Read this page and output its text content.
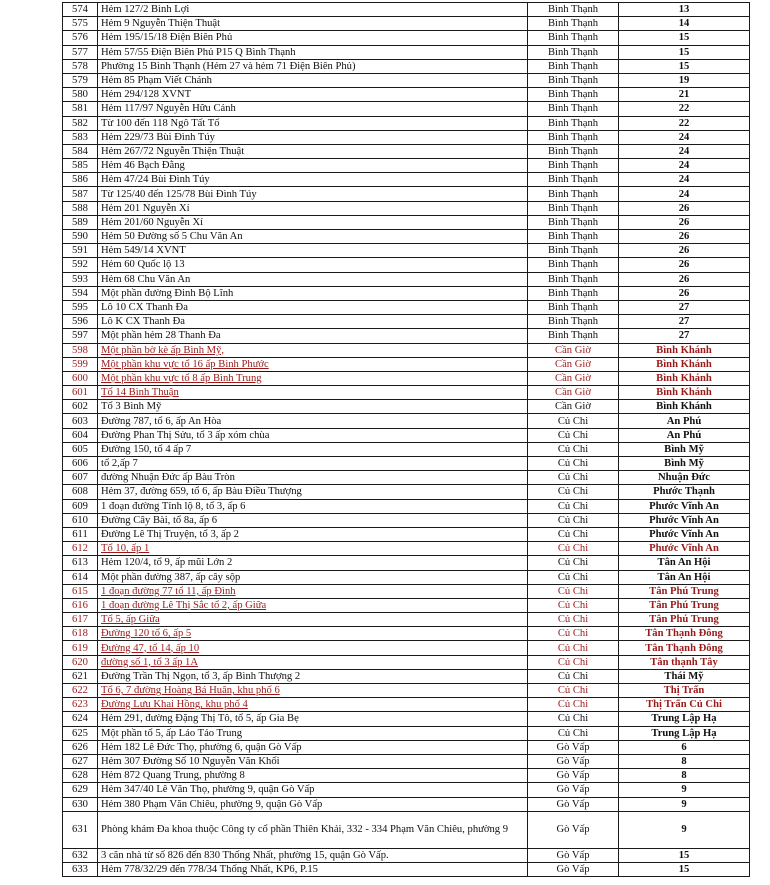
574	Hẻm 127/2 Bình Lợi	Bình Thạnh	13
575	Hẻm 9 Nguyễn Thiện Thuật	Bình Thạnh	14
576	Hẻm 195/15/18 Điện Biên Phủ	Bình Thạnh	15
577	Hẻm 57/55 Điện Biên Phủ P15 Q Bình Thạnh	Bình Thạnh	15
578	Phường 15 Bình Thạnh (Hẻm 27 và hẻm 71 Điện Biên Phủ)	Bình Thạnh	15
579	Hẻm 85 Phạm Viết Chánh	Bình Thạnh	19
580	Hẻm 294/128 XVNT	Bình Thạnh	21
581	Hẻm 117/97 Nguyễn Hữu Cảnh	Bình Thạnh	22
582	Từ 100 đến 118 Ngô Tất Tố	Bình Thạnh	22
583	Hẻm 229/73 Bùi Đình Túy	Bình Thạnh	24
584	Hẻm 267/72 Nguyễn Thiện Thuật	Bình Thạnh	24
585	Hẻm 46 Bạch Đằng	Bình Thạnh	24
586	Hẻm 47/24 Bùi Đình Túy	Bình Thạnh	24
587	Từ 125/40 đến 125/78 Bùi Đình Túy	Bình Thạnh	24
588	Hẻm 201 Nguyễn Xí	Bình Thạnh	26
589	Hẻm 201/60 Nguyễn Xí	Bình Thạnh	26
590	Hẻm 50 Đường số 5 Chu Văn An	Bình Thạnh	26
591	Hẻm 549/14 XVNT	Bình Thạnh	26
592	Hẻm 60 Quốc lộ 13	Bình Thạnh	26
593	Hẻm 68 Chu Văn An	Bình Thạnh	26
594	Một phần đường Đinh Bộ Lĩnh	Bình Thạnh	26
595	Lô 10 CX Thanh Đa	Bình Thạnh	27
596	Lô K CX Thanh Đa	Bình Thạnh	27
597	Một phần hẻm 28 Thanh Đa	Bình Thạnh	27
598	Một phần bờ kè ấp Bình Mỹ,	Cần Giờ	Bình Khánh
599	Một phần khu vực tổ 16 ấp Bình Phước	Cần Giờ	Bình Khánh
600	Một phần khu vực tổ 8 ấp Bình Trung	Cần Giờ	Bình Khánh
601	Tổ 14 Bình Thuận	Cần Giờ	Bình Khánh
602	Tổ 3 Bình Mỹ	Cần Giờ	Bình Khánh
603	Đường 787, tổ 6, ấp An Hòa	Củ Chi	An Phú
604	Đường Phan Thị Sửu, tổ 3 ấp xóm chùa	Củ Chi	An Phú
605	Đường 150, tổ 4 ấp 7	Củ Chi	Bình Mỹ
606	tổ 2,ấp 7	Củ Chi	Bình Mỹ
607	đường Nhuận Đức ấp Bàu Tròn	Củ Chi	Nhuận Đức
608	Hẻm 37, đường 659, tổ 6, ấp Bàu Điều Thượng	Củ Chi	Phước Thạnh
609	1 đoạn đường Tỉnh lộ 8, tổ 3, ấp 6	Củ Chi	Phước Vĩnh An
610	Đường Cây Bài, tổ 8a, ấp 6	Củ Chi	Phước Vĩnh An
611	Đường Lê Thị Truyện, tổ 3, ấp 2	Củ Chi	Phước Vĩnh An
612	Tổ 10, ấp 1	Củ Chi	Phước Vĩnh An
613	Hẻm 120/4, tổ 9, ấp mũi Lớn 2	Củ Chi	Tân An Hội
614	Một phần đường 387, ấp cây sộp	Củ Chi	Tân An Hội
615	1 đoạn đường 77 tổ 11, ấp Đình	Củ Chi	Tân Phú Trung
616	1 đoạn đường Lê Thị Sắc tổ 2, ấp Giữa	Củ Chi	Tân Phú Trung
617	Tổ 5, ấp Giữa	Củ Chi	Tân Phú Trung
618	Đường 120 tổ 6, ấp 5	Củ Chi	Tân Thạnh Đông
619	Đường 47, tổ 14, ấp 10	Củ Chi	Tân Thạnh Đông
620	đường số 1, tổ 3 ấp 1A	Củ Chi	Tân thạnh Tây
621	Đường Trần Thị Ngọn, tổ 3, ấp Bình Thượng 2	Củ Chi	Thái Mỹ
622	Tổ 6, 7 đường Hoàng Bá Huân, khu phố 6	Củ Chi	Thị Trấn
623	Đường Lưu Khai Hồng, khu phố 4	Củ Chi	Thị Trấn Củ Chi
624	Hẻm 291, đường Đặng Thị Tô, tổ 5, ấp Gia Bẹ	Củ Chi	Trung Lập Hạ
625	Một phần tổ 5, ấp Láo Táo Trung	Củ Chi	Trung Lập Hạ
626	Hẻm 182 Lê Đức Thọ, phường 6, quận Gò Vấp	Gò Vấp	6
627	Hẻm 307 Đường Số 10 Nguyễn Văn Khối	Gò Vấp	8
628	Hẻm 872 Quang Trung, phường 8	Gò Vấp	8
629	Hẻm 347/40 Lê Văn Thọ, phường 9, quận Gò Vấp	Gò Vấp	9
630	Hẻm 380 Phạm Văn Chiêu, phường 9, quận Gò Vấp	Gò Vấp	9
631	Phòng khám Đa khoa thuộc Công ty cổ phần Thiên Khải, 332 - 334 Phạm Văn Chiêu, phường 9	Gò Vấp	9
632	3 căn nhà từ số 826 đến 830 Thống Nhất, phường 15, quận Gò Vấp.	Gò Vấp	15
633	Hẻm 778/32/29 đến 778/34 Thống Nhất, KP6, P.15	Gò Vấp	15
